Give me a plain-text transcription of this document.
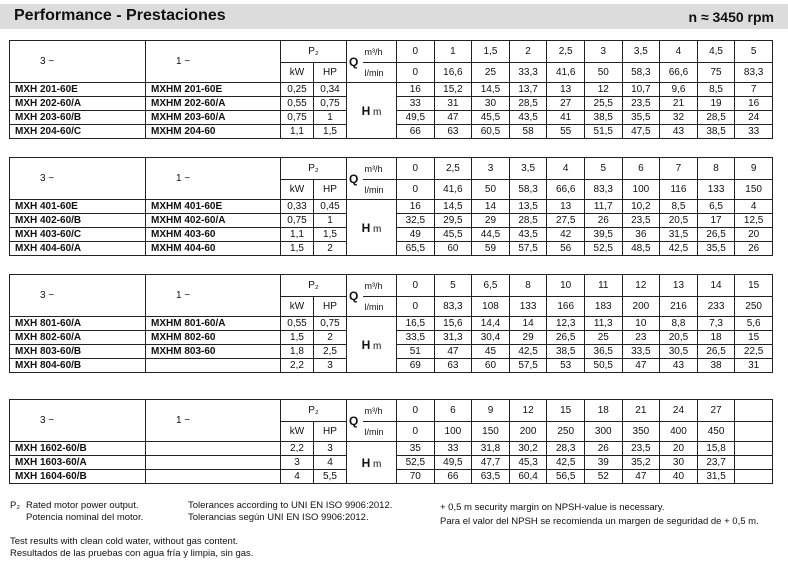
Performance - Prestaciones	n ≈ 3450 rpm
3 ~	1 ~	P₂		Q	m³/h	0	1	1,5	2	2,5	3	3,5	4	4,5	5
		kW	HP		l/min	0	16,6	25	33,3	41,6	50	58,3	66,6	75	83,3
MXH 201-60E	MXHM 201-60E	0,25	0,34	H m		16	15,2	14,5	13,7	13	12	10,7	9,6	8,5	7
MXH 202-60/A	MXHM 202-60/A	0,55	0,75			33	31	30	28,5	27	25,5	23,5	21	19	16
MXH 203-60/B	MXHM 203-60/A	0,75	1			49,5	47	45,5	43,5	41	38,5	35,5	32	28,5	24
MXH 204-60/C	MXHM 204-60	1,1	1,5			66	63	60,5	58	55	51,5	47,5	43	38,5	33
3 ~	1 ~	P₂		Q	m³/h	0	2,5	3	3,5	4	5	6	7	8	9
		kW	HP		l/min	0	41,6	50	58,3	66,6	83,3	100	116	133	150
MXH 401-60E	MXHM 401-60E	0,33	0,45	H m		16	14,5	14	13,5	13	11,7	10,2	8,5	6,5	4
MXH 402-60/B	MXHM 402-60/A	0,75	1			32,5	29,5	29	28,5	27,5	26	23,5	20,5	17	12,5
MXH 403-60/C	MXHM 403-60	1,1	1,5			49	45,5	44,5	43,5	42	39,5	36	31,5	26,5	20
MXH 404-60/A	MXHM 404-60	1,5	2			65,5	60	59	57,5	56	52,5	48,5	42,5	35,5	26
3 ~	1 ~	P₂		Q	m³/h	0	5	6,5	8	10	11	12	13	14	15
		kW	HP		l/min	0	83,3	108	133	166	183	200	216	233	250
MXH 801-60/A	MXHM 801-60/A	0,55	0,75	H m		16,5	15,6	14,4	14	12,3	11,3	10	8,8	7,3	5,6
MXH 802-60/A	MXHM 802-60	1,5	2			33,5	31,3	30,4	29	26,5	25	23	20,5	18	15
MXH 803-60/B	MXHM 803-60	1,8	2,5			51	47	45	42,5	38,5	36,5	33,5	30,5	26,5	22,5
MXH 804-60/B		2,2	3			69	63	60	57,5	53	50,5	47	43	38	31
3 ~	1 ~	P₂		Q	m³/h	0	6	9	12	15	18	21	24	27	
		kW	HP		l/min	0	100	150	200	250	300	350	400	450	
MXH 1602-60/B		2,2	3	H m		35	33	31,8	30,2	28,3	26	23,5	20	15,8	
MXH 1603-60/A		3	4			52,5	49,5	47,7	45,3	42,5	39	35,2	30	23,7	
MXH 1604-60/B		4	5,5			70	66	63,5	60,4	56,5	52	47	40	31,5	
P₂ Rated motor power output.
Potencia nominal del motor.
Tolerances according to UNI EN ISO 9906:2012.
Tolerancias según UNI EN ISO 9906:2012.
+ 0,5 m security margin on NPSH-value is necessary.
Para el valor del NPSH se recomienda un margen de seguridad de + 0,5 m.
Test results with clean cold water, without gas content.
Resultados de las pruebas con agua fría y limpia, sin gas.
